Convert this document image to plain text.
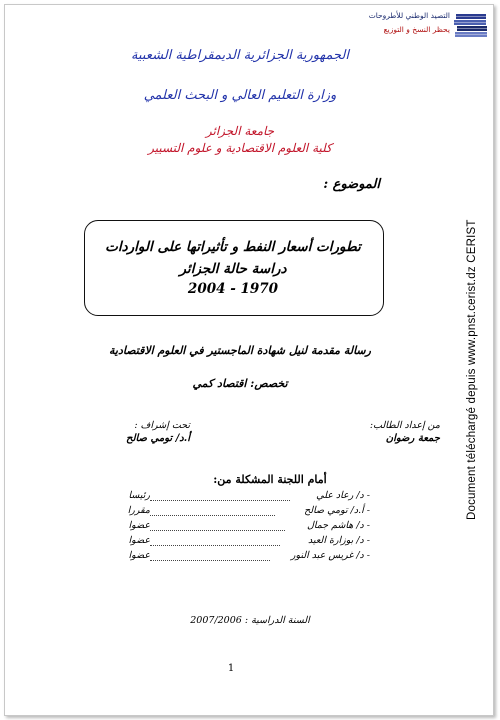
التصيد الوطني للأطروحات
يحظر النسخ و التوزيع
الجمهورية الجزائرية الديمقراطية الشعبية
وزارة التعليم العالي و البحث العلمي
جامعة الجزائر
كلية العلوم الاقتصادية و علوم التسيير
الموضوع :
تطورات أسعار النفط و تأثيراتها على الواردات
دراسة حالة الجزائر
2004 - 1970
رسالة مقدمة لنيل شهادة الماجستير في العلوم الاقتصادية
تخصص: اقتصاد كمي
من إعداد الطالب:
جمعة رضوان
تحت إشراف :
أ.د/ تومي صالح
أمام اللجنة المشكلة من:
- د/ رعاد علي
رئيسا
- أ.د/ تومي صالح
مقررا
- د/ هاشم جمال
عضوا
- د/ بوزارة العيد
عضوا
- د/ غريس عبد النور
عضوا
السنة الدراسية : 2007/2006
1
Document téléchargé depuis www.pnst.cerist.dz CERIST
